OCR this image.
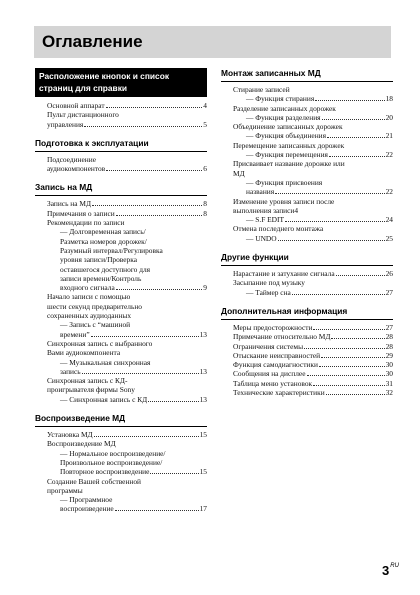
Оглавление
Расположение кнопок и список страниц для справки
Основной аппарат	4
Пульт дистанционного
управления	5
Подготовка к эксплуатации
Подсоединение
аудиокомпонентов	6
Запись на МД
Запись на МД	8
Примечания о записи	8
Рекомендации по записи
— Долговременная запись/
Разметка номеров дорожек/
Разумный интервал/Регулировка
уровня записи/Проверка
оставшегося доступного для
записи времени/Контроль
входного сигнала	9
Начало записи с помощью
шести секунд предварительно
сохраненных аудиоданных
— Запись с “машиной
времени”	13
Синхронная запись с выбранного
Вами аудиокомпонента
— Музыкальная синхронная
запись	13
Синхронная запись с КД-
проигрывателя фирмы Sony
— Синхронная запись с КД	13
Воспроизведение МД
Установка МД	15
Воспроизведение МД
— Нормальное воспроизведение/
Произвольное воспроизведение/
Повторное воспроизведение	15
Создание Вашей собственной
программы
— Программное
воспроизведение	17
Монтаж записанных МД
Стирание записей
— Функция стирания	18
Разделение записанных дорожек
— Функция разделения	20
Объединение записанных дорожек
— Функция объединения	21
Перемещение записанных дорожек
— Функция перемещения	22
Присваивает название дорожке или
МД
— Функция присвоения
названия	22
Изменение уровня записи после
выполнения записи4
— S.F EDIT	24
Отмена последнего монтажа
— UNDO	25
Другие функции
Нарастание и затухание сигнала	26
Засыпание под музыку
— Таймер сна	27
Дополнительная информация
Меры предосторожности	27
Примечание относительно МД	28
Ограничения системы	28
Отыскание неисправностей	29
Функция самодиагностики	30
Сообщения на дисплее	30
Таблица меню установок	31
Технические характеристики	32
$3^{RU}$
